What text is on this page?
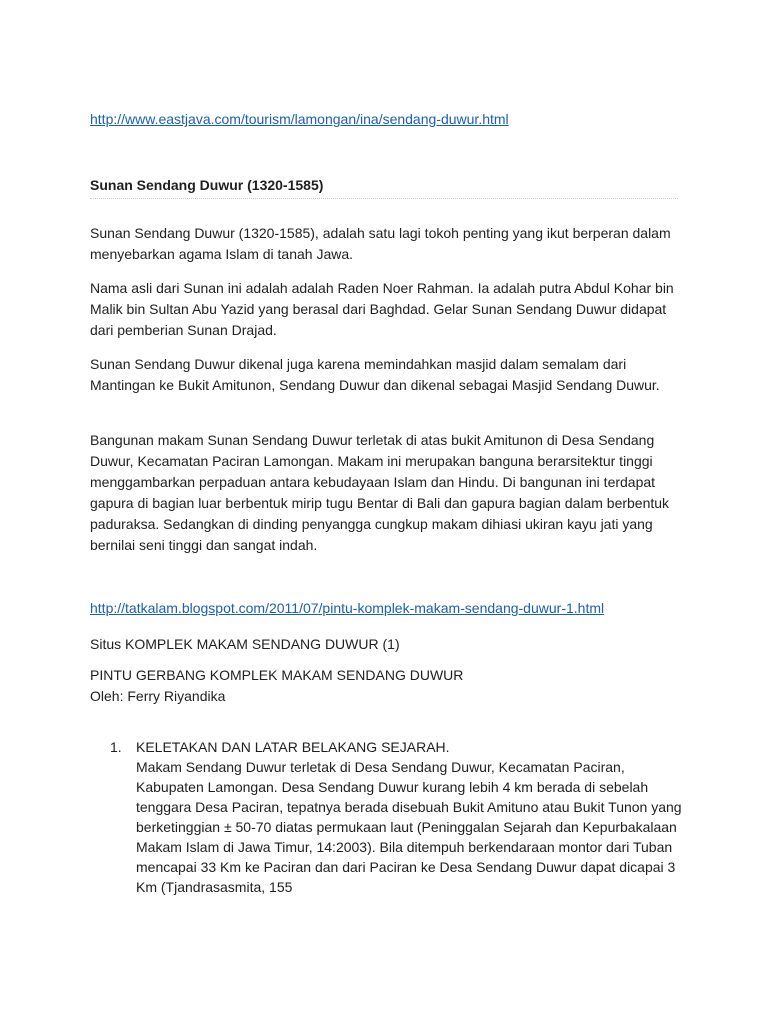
http://www.eastjava.com/tourism/lamongan/ina/sendang-duwur.html
Sunan Sendang Duwur (1320-1585)

Sunan Sendang Duwur (1320-1585), adalah satu lagi tokoh penting yang ikut berperan dalam menyebarkan agama Islam di tanah Jawa.

Nama asli dari Sunan ini adalah adalah Raden Noer Rahman. Ia adalah putra Abdul Kohar bin Malik bin Sultan Abu Yazid yang berasal dari Baghdad. Gelar Sunan Sendang Duwur didapat dari pemberian Sunan Drajad.

Sunan Sendang Duwur dikenal juga karena memindahkan masjid dalam semalam dari Mantingan ke Bukit Amitunon, Sendang Duwur dan dikenal sebagai Masjid Sendang Duwur.

Bangunan makam Sunan Sendang Duwur terletak di atas bukit Amitunon di Desa Sendang Duwur, Kecamatan Paciran Lamongan. Makam ini merupakan banguna berarsitektur tinggi menggambarkan perpaduan antara kebudayaan Islam dan Hindu. Di bangunan ini terdapat gapura di bagian luar berbentuk mirip tugu Bentar di Bali dan gapura bagian dalam berbentuk paduraksa. Sedangkan di dinding penyangga cungkup makam dihiasi ukiran kayu jati yang bernilai seni tinggi dan sangat indah.

http://tatkalam.blogspot.com/2011/07/pintu-komplek-makam-sendang-duwur-1.html

Situs KOMPLEK MAKAM SENDANG DUWUR (1)

PINTU GERBANG KOMPLEK MAKAM SENDANG DUWUR

Oleh: Ferry Riyandika

1. KELETAKAN DAN LATAR BELAKANG SEJARAH.
Makam Sendang Duwur terletak di Desa Sendang Duwur, Kecamatan Paciran, Kabupaten Lamongan. Desa Sendang Duwur kurang lebih 4 km berada di sebelah tenggara Desa Paciran, tepatnya berada disebuah Bukit Amituno atau Bukit Tunon yang berketinggian ± 50-70 diatas permukaan laut (Peninggalan Sejarah dan Kepurbakalaan Makam Islam di Jawa Timur, 14:2003). Bila ditempuh berkendaraan montor dari Tuban mencapai 33 Km ke Paciran dan dari Paciran ke Desa Sendang Duwur dapat dicapai 3 Km (Tjandrasasmita, 155
